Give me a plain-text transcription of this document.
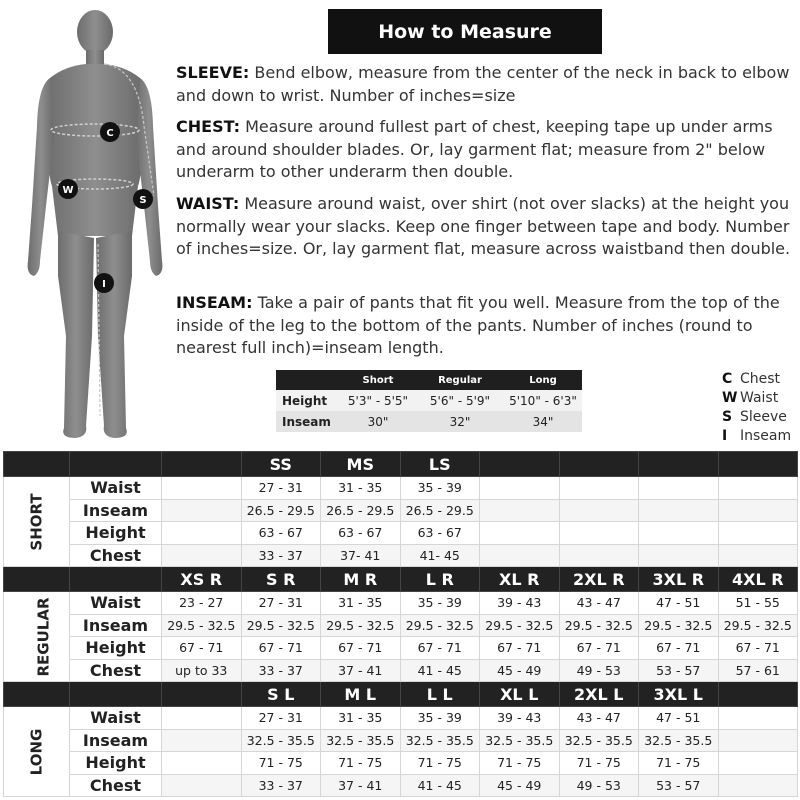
C
W
S
I
How to Measure

SLEEVE: Bend elbow, measure from the center of the neck in back to elbow and down to wrist. Number of inches=size

CHEST: Measure around fullest part of chest, keeping tape up under arms and around shoulder blades. Or, lay garment flat; measure from 2" below underarm to other underarm then double.

WAIST: Measure around waist, over shirt (not over slacks) at the height you normally wear your slacks. Keep one finger between tape and body. Number of inches=size. Or, lay garment flat, measure across waistband then double.

INSEAM: Take a pair of pants that fit you well. Measure from the top of the inside of the leg to the bottom of the pants. Number of inches (round to nearest full inch)=inseam length.

	Short	Regular	Long
Height	5'3" - 5'5"	5'6" - 5'9"	5'10" - 6'3"
Inseam	30"	32"	34"
C Chest
W Waist
S Sleeve
I Inseam
			SS	MS	LS				
SHORT	Waist		27 - 31	31 - 35	35 - 39				
	Inseam		26.5 - 29.5	26.5 - 29.5	26.5 - 29.5				
	Height		63 - 67	63 - 67	63 - 67				
	Chest		33 - 37	37- 41	41- 45				
		XS R	S R	M R	L R	XL R	2XL R	3XL R	4XL R
REGULAR	Waist	23 - 27	27 - 31	31 - 35	35 - 39	39 - 43	43 - 47	47 - 51	51 - 55
	Inseam	29.5 - 32.5	29.5 - 32.5	29.5 - 32.5	29.5 - 32.5	29.5 - 32.5	29.5 - 32.5	29.5 - 32.5	29.5 - 32.5
	Height	67 - 71	67 - 71	67 - 71	67 - 71	67 - 71	67 - 71	67 - 71	67 - 71
	Chest	up to 33	33 - 37	37 - 41	41 - 45	45 - 49	49 - 53	53 - 57	57 - 61
			S L	M L	L L	XL L	2XL L	3XL L	
LONG	Waist		27 - 31	31 - 35	35 - 39	39 - 43	43 - 47	47 - 51	
	Inseam		32.5 - 35.5	32.5 - 35.5	32.5 - 35.5	32.5 - 35.5	32.5 - 35.5	32.5 - 35.5	
	Height		71 - 75	71 - 75	71 - 75	71 - 75	71 - 75	71 - 75	
	Chest		33 - 37	37 - 41	41 - 45	45 - 49	49 - 53	53 - 57	
